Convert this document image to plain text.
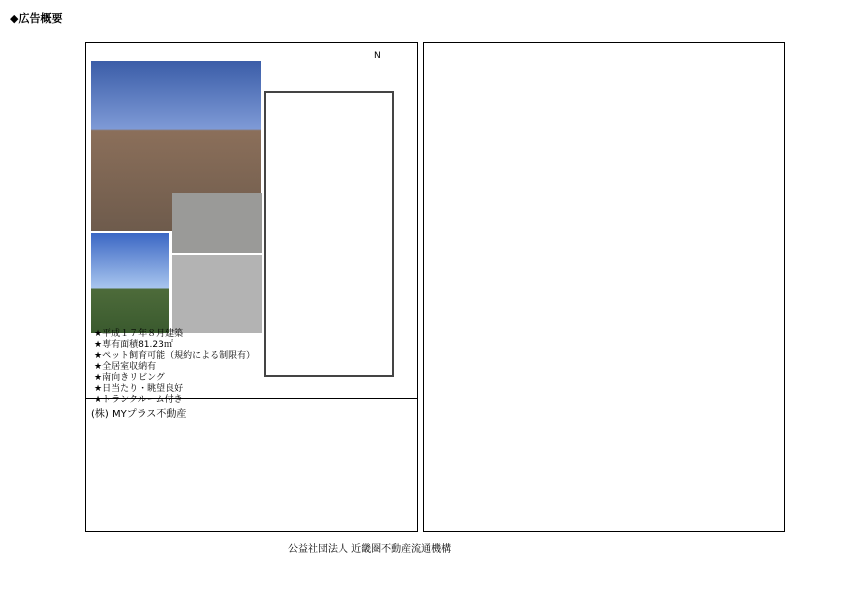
◆広告概要
N
★平成１７年８月建築
★専有面積81.23㎡
★ペット飼育可能（規約による制限有）
★全居室収納有
★南向きリビング
★日当たり・眺望良好
★トランクルーム付き
(株) MYプラス不動産
公益社団法人 近畿圏不動産流通機構
